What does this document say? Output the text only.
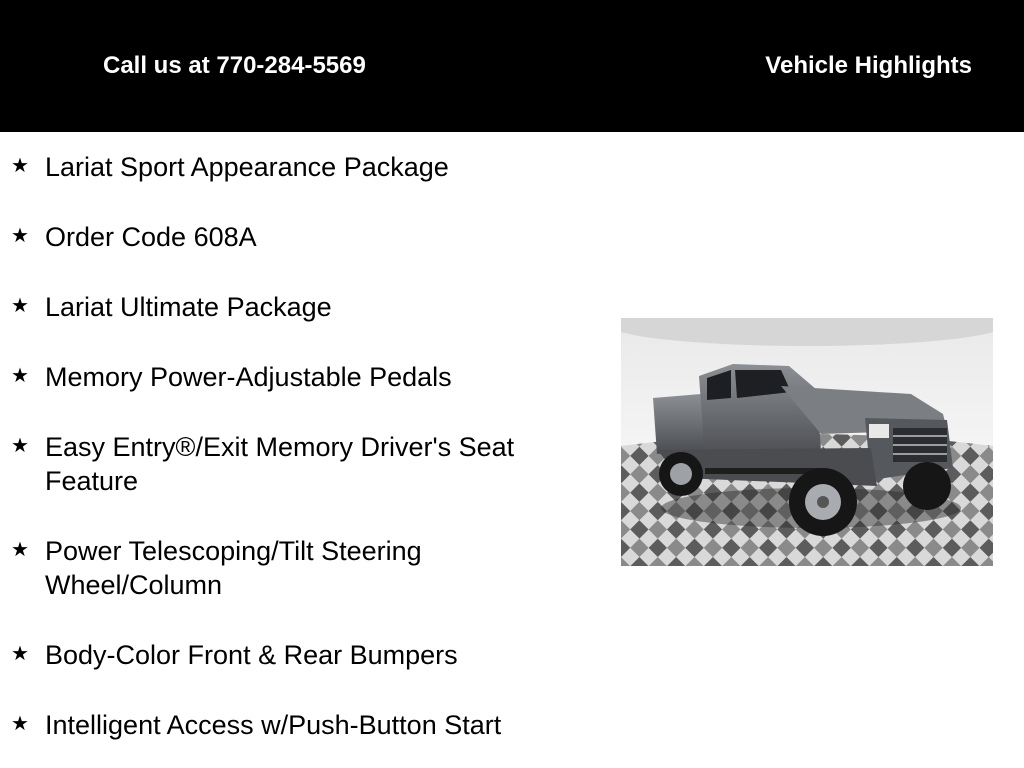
Call us at 770-284-5569	Vehicle Highlights
★ Lariat Sport Appearance Package
★ Order Code 608A
★ Lariat Ultimate Package
★ Memory Power-Adjustable Pedals
★ Easy Entry®/Exit Memory Driver's Seat Feature
★ Power Telescoping/Tilt Steering Wheel/Column
★ Body-Color Front & Rear Bumpers
★ Intelligent Access w/Push-Button Start
